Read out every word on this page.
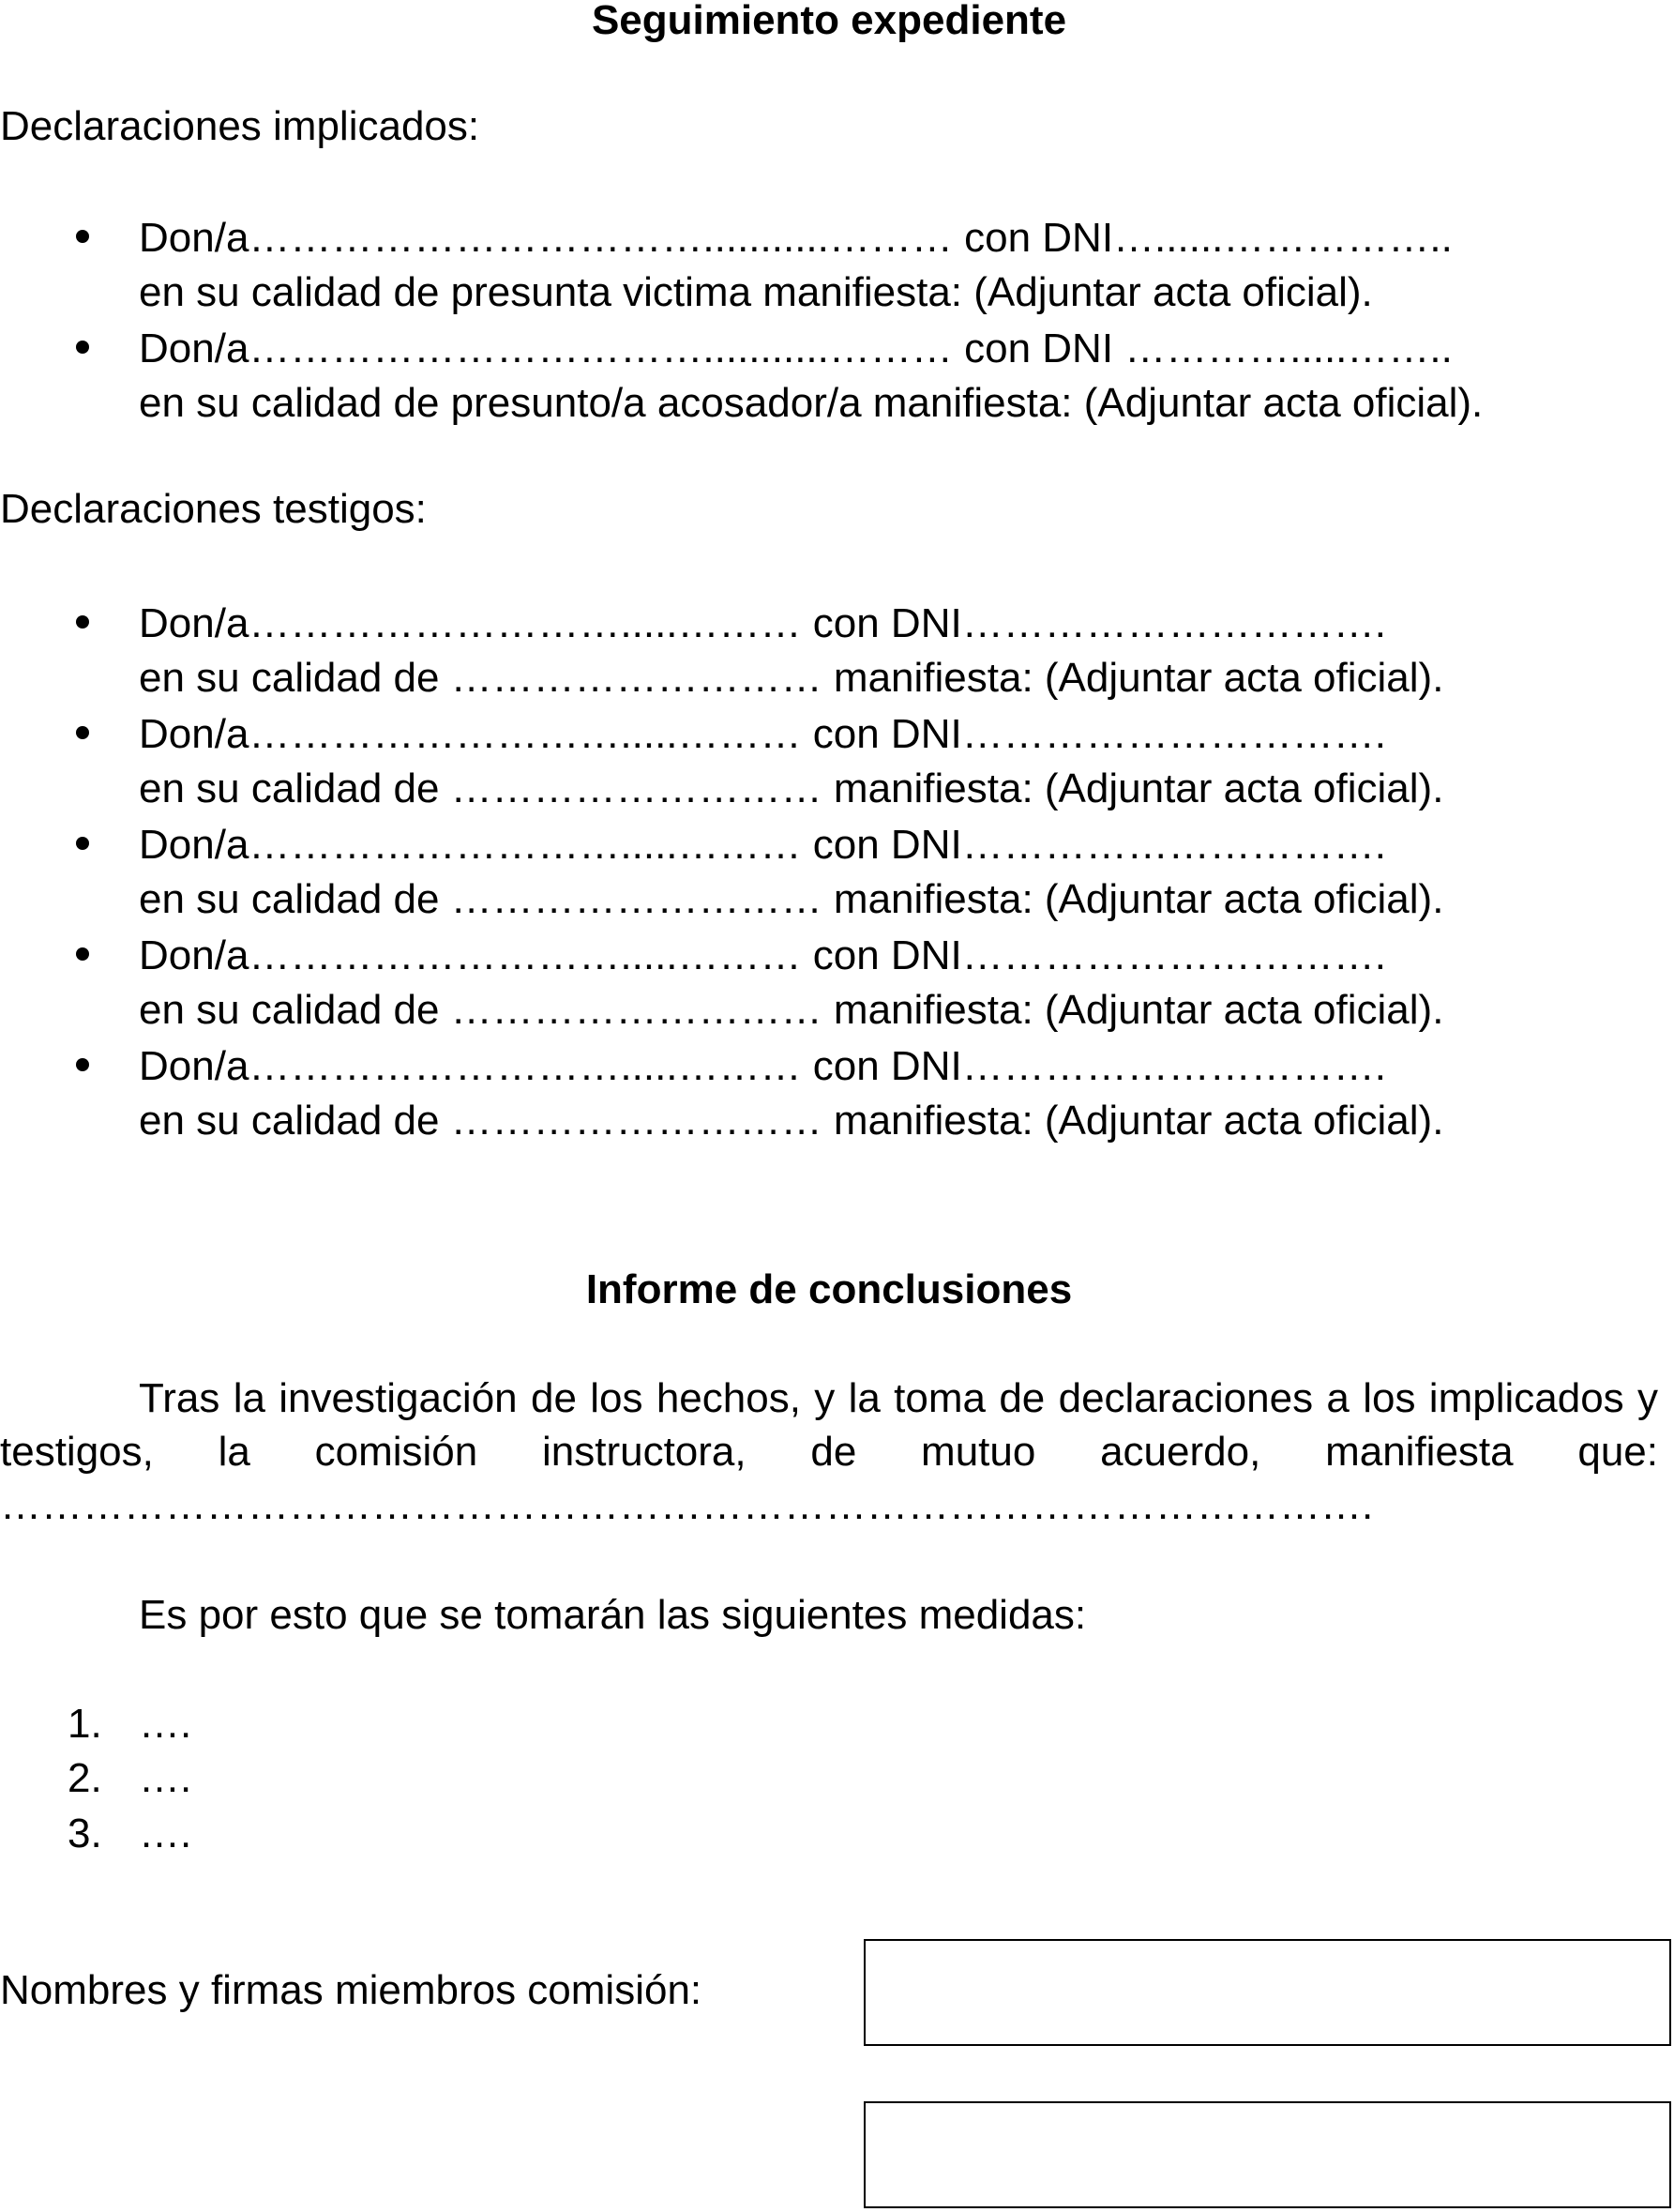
Seguimiento expediente
Declaraciones implicados:
Don/a……………………………...........……… con DNI…......……………..
en su calidad de presunta victima manifiesta: (Adjuntar acta oficial).
Don/a……………………………...........……… con DNI ………….....……..
en su calidad de presunto/a acosador/a manifiesta: (Adjuntar acta oficial).
Declaraciones testigos:
Don/a……………………….....……… con DNI………………………….
en su calidad de ……………………… manifiesta: (Adjuntar acta oficial).
Don/a……………………….....……… con DNI………………………….
en su calidad de ……………………… manifiesta: (Adjuntar acta oficial).
Don/a……………………….....……… con DNI………………………….
en su calidad de ……………………… manifiesta: (Adjuntar acta oficial).
Don/a……………………….....……… con DNI………………………….
en su calidad de ……………………… manifiesta: (Adjuntar acta oficial).
Don/a……………………….....……… con DNI………………………….
en su calidad de ……………………… manifiesta: (Adjuntar acta oficial).
Informe de conclusiones
Tras la investigación de los hechos, y la toma de declaraciones a los implicados y testigos, la comisión instructora, de mutuo acuerdo, manifiesta que: ……………………………………………………………………………………….
Es por esto que se tomarán las siguientes medidas:
1. ….
2. ….
3. ….
Nombres y firmas miembros comisión:
